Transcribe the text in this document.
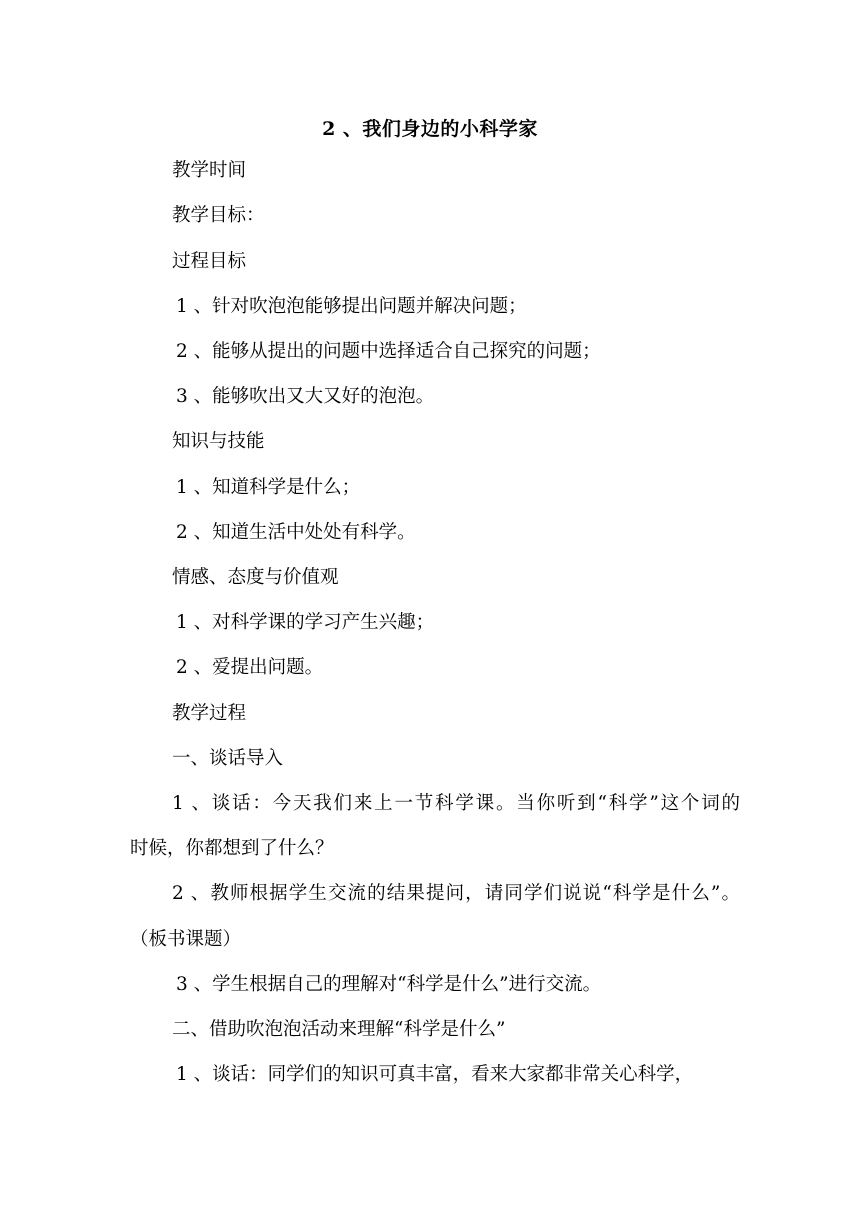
2 、我们身边的小科学家
教学时间
教学目标：
过程目标
1 、针对吹泡泡能够提出问题并解决问题；
2 、能够从提出的问题中选择适合自己探究的问题；
3 、能够吹出又大又好的泡泡。
知识与技能
1 、知道科学是什么；
2 、知道生活中处处有科学。
情感、态度与价值观
1 、对科学课的学习产生兴趣；
2 、爱提出问题。
教学过程
一、谈话导入
1 、谈话：今天我们来上一节科学课。当你听到“科学”这个词的
时候，你都想到了什么？
2 、教师根据学生交流的结果提问，请同学们说说“科学是什么”。
（板书课题）
3 、学生根据自己的理解对“科学是什么”进行交流。
二、借助吹泡泡活动来理解“科学是什么”
1 、谈话：同学们的知识可真丰富，看来大家都非常关心科学，
